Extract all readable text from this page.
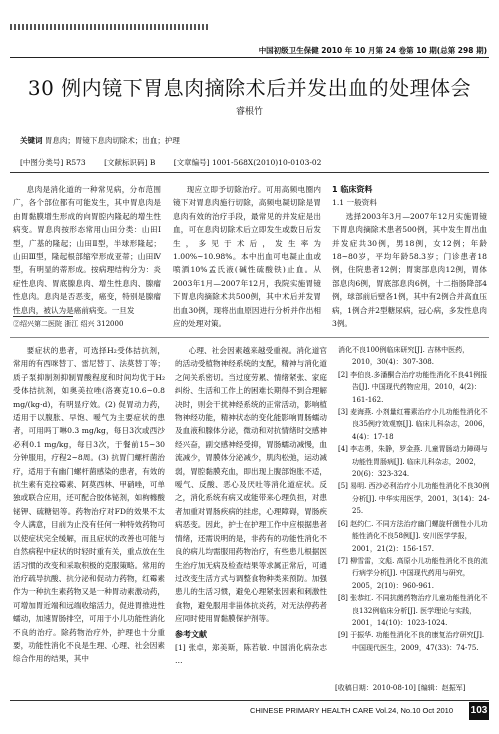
中国初级卫生保健 2010 年 10 月第 24 卷第 10 期(总第 298 期)
30 例内镜下胃息肉摘除术后并发出血的处理体会
睿根竹
关键词 胃息肉；胃镜下息肉切除术；出血；护理
[中图分类号] R573 [文献标识码] B [文章编号] 1001-568X(2010)10-0103-02

息肉是消化道的一种常见病，分布范围广，各个部位都有可能发生，其中胃息肉是由胃黏膜增生形成的向胃腔内隆起的增生性病变。胃息肉按形态常用山田分类：山田Ⅰ型，广基的隆起；山田Ⅱ型，半球形隆起；山田Ⅲ型，隆起根部缩窄形成亚蒂；山田Ⅳ型，有明显的蒂形成。按病理结构分为：炎症性息肉、胃底腺息肉、增生性息肉、腺瘤性息肉。息肉是否恶变，癌变，特别是腺瘤性息肉，被认为是癌前病变。一旦发

②绍兴第二医院 浙江 绍兴 312000

现应立即予切除治疗。可用高频电圈内镜下对胃息肉施行切除，高频电凝切除是胃息肉有效的治疗手段，最常见的并发症是出血，可在息肉切除术后立即发生或数日后发生，多见于术后，发生率为1.00%~10.98%。本中出血可电凝止血或喷洒10%孟氏液(碱性硫酸铁)止血。从2003年1月—2007年12月，我院实施胃镜下胃息肉摘除术共500例，其中术后并发胃出血30例，现将出血原因进行分析并作出相应的处理对策。

1 临床资料
1.1 一般资料

选择2003年3月—2007年12月实施胃镜下胃息肉摘除术患者500例，其中发生胃出血并发症共30例，男18例，女12例；年龄18~80岁，平均年龄58.3岁；门诊患者18例，住院患者12例；胃窦部息肉12例，胃体部息肉6例，胃底部息肉6例，十二指肠降部4例，球部前后壁各1例，其中有2例合并高血压病，1例合并2型糖尿病，冠心病，多发性息肉3例。

要症状的患者，可选择H₂受体拮抗剂，常用的有西咪替丁、雷尼替丁、法莫替丁等；质子泵抑制剂抑制胃酸程度和时间均优于H₂受体拮抗剂，如奥美拉唑(洛赛克10.6~0.8 mg/(kg·d)，有明显疗效。(2) 促胃动力药，适用于以腹胀、早饱、嗳气为主要症状的患者，可用吗丁啉0.3 mg/kg，每日3次或西沙必利0.1 mg/kg，每日3次，于餐前15~30分钟服用，疗程2~8周。(3) 抗胃门螺杆菌治疗，适用于有幽门螺杆菌感染的患者，有效的抗生素有克拉霉素、阿莫西林、甲硝唑，可单独或联合应用，还可配合胶体铋剂，如枸橼酸铋钾、硫糖铝等。药物治疗对FD的效果不太令人满意，目前为止没有任何一种特效药物可以使症状完全缓解，而且症状的改善也可能与自然病程中症状的时轻时重有关，重点放在生活习惯的改变和采取积极的克服策略。常用的治疗疏导抗酸、抗分泌和促动力药物，红霉素作为一种抗生素药物又是一种胃动素激动药，可增加胃近端和远端收缩活力，促进胃推进性蠕动，加速胃肠排空，可用于小儿功能性消化不良的治疗。除药物治疗外，护理也十分重要，功能性消化不良是生理、心理、社会因素综合作用的结果，其中

心理、社会因素越来越受重视。消化道官的活动受植物神经系统的支配，精神与消化道之间关系密切。当过度劳累、情绪紧张、家庭纠纷、生活和工作上的困难长期得不到合理解决时，则会干扰神经系统的正常活动，影响植物神经功能，精神状态的变化能影响胃肠蠕动及血液和腺体分泌，微动和对抗情绪时交感神经兴奋，副交感神经受抑，胃肠蠕动减慢，血流减少，胃膜体分泌减少，肌肉松弛，运动减弱，胃腔黏膜充血，即出现上腹部饱胀不适，嗳气、反酸、恶心及厌吐等消化道症状。反之，消化系统有病又或能带来心理负担，对患者加重对胃肠疾病的挂虑，心理障碍，胃肠疾病恶变。因此，护士在护理工作中应根据患者情绪，还需说明的是，非药有的功能性消化不良的病儿均需服用药物治疗，有些患儿根据医生治疗加无病及检查结果等求属正常后，可通过改变生活方式与调整食物种类来预防。加强患儿的生活习惯，避免心理紧张因素和刺激性食物，避免服用非甾体抗炎药，对无法停药者应同时使用胃黏膜保护剂等。

参考文献
[1] 张卓，郑美斯，陈若敏. 中国消化病杂志 …
消化不良100例临床研究[J]. 吉林中医药，2010，30(4)：307-308.
[2] 李伯良.多潘酮合治疗功能性消化不良41例报告[J]. 中国现代药物应用，2010，4(2)：161-162.
[3] 麦海燕. 小剂量红霉素治疗小儿功能性消化不良35例疗效观察[J]. 临床儿科杂志，2006，4(4)：17-18
[4] 李志勇，朱静，罗金燕. 儿童胃肠动力障碍与功能性胃肠病[J]. 临床儿科杂志，2002，20(6)：323-324.
[5] 易明. 西沙必利治疗小儿功能性消化不良30例分析[J]. 中华实用医学，2001，3(14)：24-25.
[6] 赵约仁. 不同方法治疗幽门螺旋杆菌性小儿功能性消化不良58例[J]. 安川医学学报，2001，21(2)：156-157.
[7] 柳雪雷，文彪. 高原小儿功能性消化不良的流行病学分析[J]. 中国现代药用与研究，2005，2(10)：960-961.
[8] 张恭红. 不同抗菌药物治疗儿童功能性消化不良132例临床分析[J]. 医学理论与实践，2001，14(10)：1023-1024.
[9] 于振华. 功能性消化不良的康复治疗研究[J]. 中国现代医生，2009，47(33)：74-75.
[收稿日期：2010-08-10] [编辑：赵振军]
CHINESE PRIMARY HEALTH CARE Vol.24, No.10 Oct 2010 103
